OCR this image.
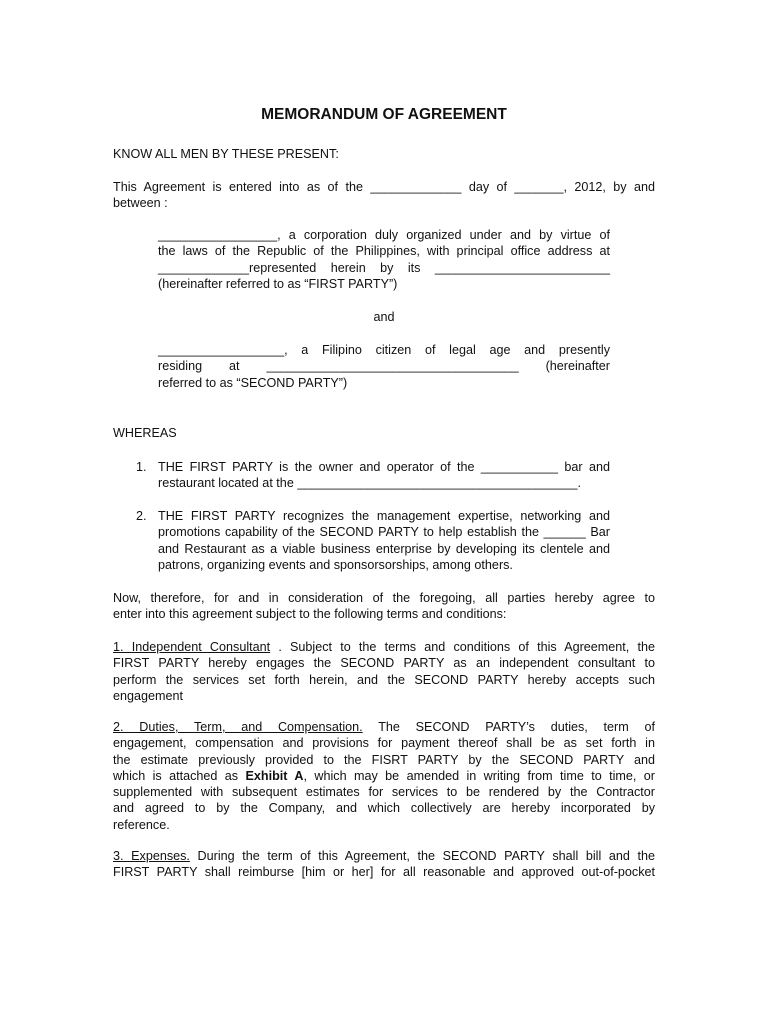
MEMORANDUM OF AGREEMENT
KNOW ALL MEN BY THESE PRESENT:
This Agreement is entered into as of the _____________ day of _______, 2012, by and
between :
_________________, a corporation duly organized under and by virtue of
the laws of the Republic of the Philippines, with principal office address at
_____________represented herein by its _________________________
(hereinafter referred to as “FIRST PARTY”)
and
__________________, a Filipino citizen of legal age and presently
residing at ____________________________________ (hereinafter
referred to as “SECOND PARTY”)
WHEREAS
1. THE FIRST PARTY is the owner and operator of the ___________ bar and
restaurant located at the ________________________________________.
2. THE FIRST PARTY recognizes the management expertise, networking and
promotions capability of the SECOND PARTY to help establish the ______ Bar
and Restaurant as a viable business enterprise by developing its clentele and
patrons, organizing events and sponsorsorships, among others.
Now, therefore, for and in consideration of the foregoing, all parties hereby agree to
enter into this agreement subject to the following terms and conditions:
1. Independent Consultant . Subject to the terms and conditions of this Agreement, the
FIRST PARTY hereby engages the SECOND PARTY as an independent consultant to
perform the services set forth herein, and the SECOND PARTY hereby accepts such
engagement
2. Duties, Term, and Compensation. The SECOND PARTY’s duties, term of
engagement, compensation and provisions for payment thereof shall be as set forth in
the estimate previously provided to the FISRT PARTY by the SECOND PARTY and
which is attached as Exhibit A, which may be amended in writing from time to time, or
supplemented with subsequent estimates for services to be rendered by the Contractor
and agreed to by the Company, and which collectively are hereby incorporated by
reference.
3. Expenses. During the term of this Agreement, the SECOND PARTY shall bill and the
FIRST PARTY shall reimburse [him or her] for all reasonable and approved out-of-pocket
